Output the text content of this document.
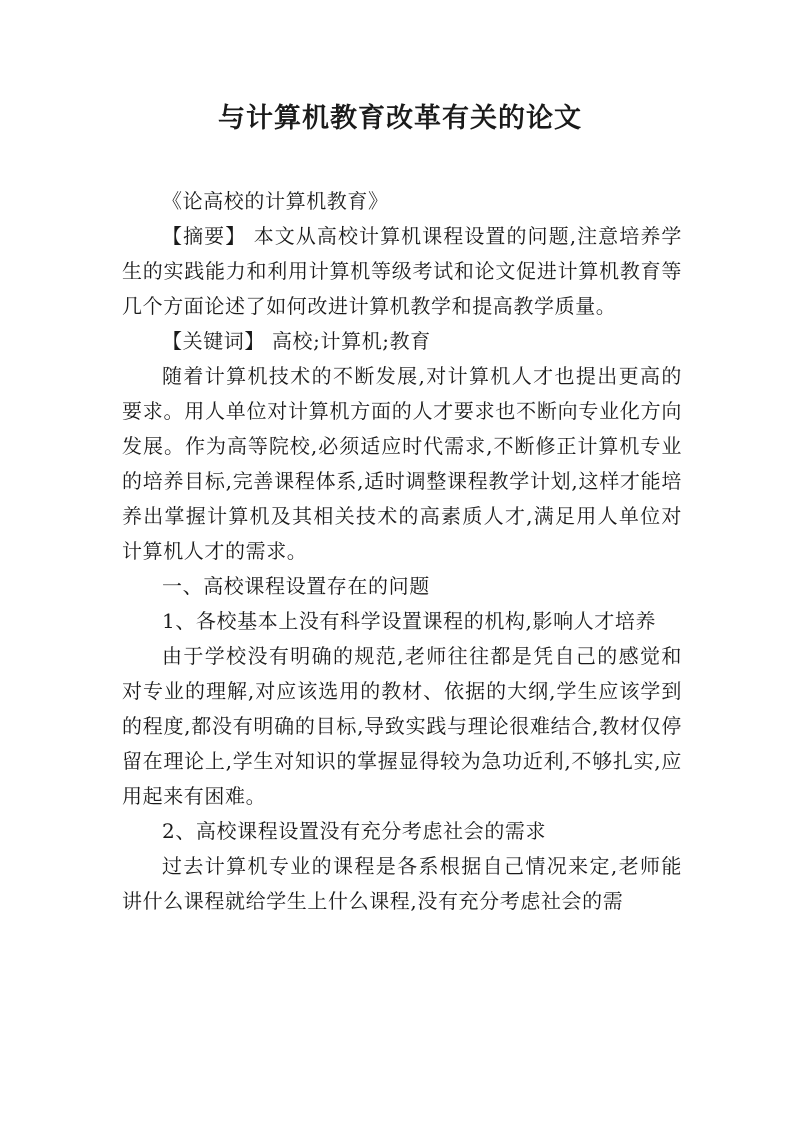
与计算机教育改革有关的论文

《论高校的计算机教育》

【摘要】 本文从高校计算机课程设置的问题,注意培养学生的实践能力和利用计算机等级考试和论文促进计算机教育等几个方面论述了如何改进计算机教学和提高教学质量。

【关键词】 高校;计算机;教育

随着计算机技术的不断发展,对计算机人才也提出更高的要求。用人单位对计算机方面的人才要求也不断向专业化方向发展。作为高等院校,必须适应时代需求,不断修正计算机专业的培养目标,完善课程体系,适时调整课程教学计划,这样才能培养出掌握计算机及其相关技术的高素质人才,满足用人单位对计算机人才的需求。

一、高校课程设置存在的问题

1、各校基本上没有科学设置课程的机构,影响人才培养

由于学校没有明确的规范,老师往往都是凭自己的感觉和对专业的理解,对应该选用的教材、依据的大纲,学生应该学到的程度,都没有明确的目标,导致实践与理论很难结合,教材仅停留在理论上,学生对知识的掌握显得较为急功近利,不够扎实,应用起来有困难。

2、高校课程设置没有充分考虑社会的需求

过去计算机专业的课程是各系根据自己情况来定,老师能讲什么课程就给学生上什么课程,没有充分考虑社会的需
